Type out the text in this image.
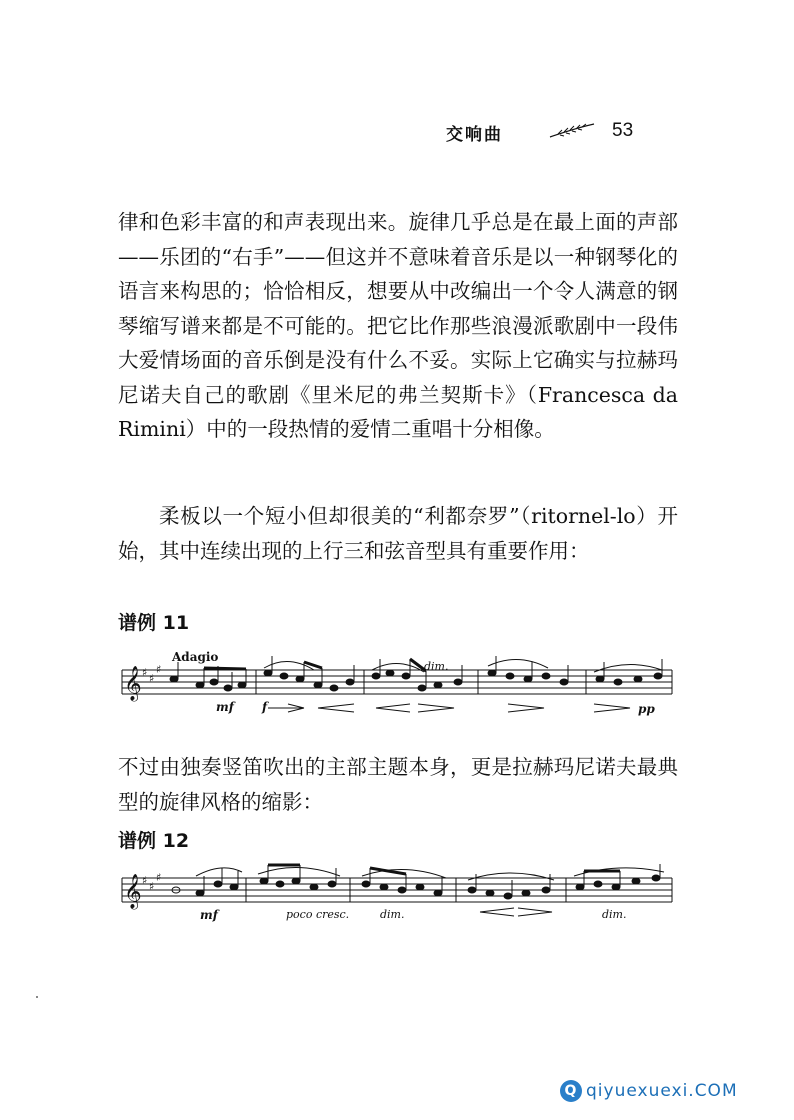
交响曲	53

律和色彩丰富的和声表现出来。旋律几乎总是在最上面的声部——乐团的“右手”——但这并不意味着音乐是以一种钢琴化的语言来构思的；恰恰相反，想要从中改编出一个令人满意的钢琴缩写谱来都是不可能的。把它比作那些浪漫派歌剧中一段伟大爱情场面的音乐倒是没有什么不妥。实际上它确实与拉赫玛尼诺夫自己的歌剧《里米尼的弗兰契斯卡》（Francesca da Rimini）中的一段热情的爱情二重唱十分相像。

柔板以一个短小但却很美的“利都奈罗”（ritornel-lo）开始，其中连续出现的上行三和弦音型具有重要作用：

谱例 11
Adagio
𝄞 ♯ ♯
♯
mf f
dim.
pp

不过由独奏竖笛吹出的主部主题本身，更是拉赫玛尼诺夫最典型的旋律风格的缩影：

谱例 12
𝄞 ♯ ♯
♯
mf	poco cresc.	dim.	dim.
Q qiyuexuexi.COM
